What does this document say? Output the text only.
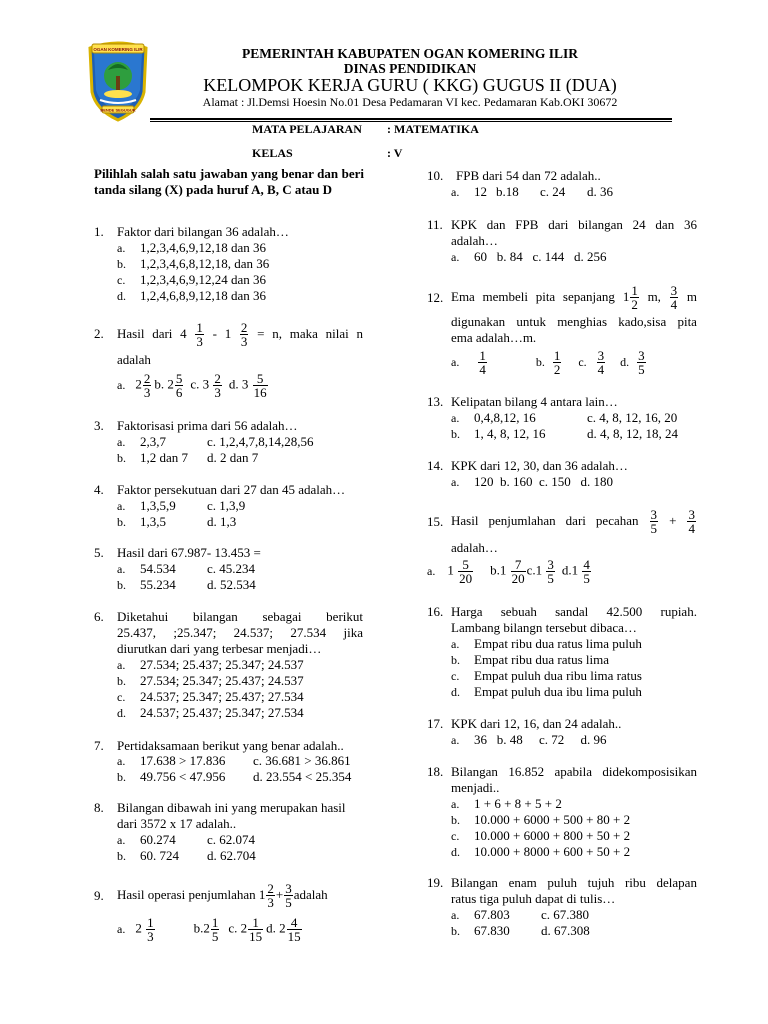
OGAN KOMERING ILIR
BENDE SEGUGUK
PEMERINTAH KABUPATEN OGAN KOMERING ILIR
DINAS PENDIDIKAN
KELOMPOK KERJA GURU ( KKG) GUGUS II (DUA)
Alamat : Jl.Demsi Hoesin No.01 Desa Pedamaran VI kec. Pedamaran Kab.OKI 30672
MATA PELAJARAN : MATEMATIKA
KELAS	: V
Pilihlah salah satu jawaban yang benar dan beri tanda silang (X) pada huruf A, B, C atau D
1. Faktor dari bilangan 36 adalah…
a. 1,2,3,4,6,9,12,18 dan 36
b. 1,2,3,4,6,8,12,18, dan 36
c. 1,2,3,4,6,9,12,24 dan 36
d. 1,2,4,6,8,9,12,18 dan 36
2. Hasil dari $4 \frac{1}{3} - 1 \frac{2}{3} = n$, maka nilai n
adalah
a. $2 \frac{2}{3} b$. $2 \frac{5}{6} c$. $3 \frac{2}{3} d$. $3 \frac{5}{16}$
3. Faktorisasi prima dari 56 adalah…
a. 2,3,7	c. 1,2,4,7,8,14,28,56
b. 1,2 dan 7 d. 2 dan 7
4. Faktor persekutuan dari 27 dan 45 adalah…
a. 1,3,5,9 c. 1,3,9
b. 1,3,5	d. 1,3
5. Hasil dari 67.987- 13.453 =
a. 54.534 c. 45.234
b. 55.234 d. 52.534
6. Diketahui bilangan sebagai berikut
25.437, ;25.347; 24.537; 27.534 jika
diurutkan dari yang terbesar menjadi…
a. 27.534; 25.437; 25.347; 24.537
b. 27.534; 25.347; 25.437; 24.537
c. 24.537; 25.347; 25.437; 27.534
d. 24.537; 25.437; 25.347; 27.534
7. Pertidaksamaan berikut yang benar adalah..
a. 17.638 > 17.836 c. 36.681 > 36.861
b. 49.756 < 47.956 d. 23.554 < 25.354
8. Bilangan dibawah ini yang merupakan hasil
dari 3572 x 17 adalah..
a. 60.274 c. 62.074
b. 60. 724 d. 62.704
9. Hasil operasi penjumlahan $1 \frac{2}{3} + \frac{3}{5}$ adalah
a. $2 \frac{1}{3}$	$b.2 \frac{1}{5} c$. $2 \frac{1}{15} d$. $2 \frac{4}{15}$
10. FPB dari 54 dan 72 adalah..
a. 12 b.18 c. 24 d. 36
11. KPK dan FPB dari bilangan 24 dan 36
adalah…
a. 60   b. 84   c. 144   d. 256
12. Ema membeli pita sepanjang $1 \frac{1}{2} m$, $\frac{3}{4}$ m
digunakan untuk menghias kado,sisa pita
ema adalah…m.
a. $\frac{1}{4}$	b. $\frac{1}{2} c$. $\frac{3}{4} d$. $\frac{3}{5}$
13. Kelipatan bilang 4 antara lain…
a. 0,4,8,12, 16	c. 4, 8, 12, 16, 20
b. 1, 4, 8, 12, 16	d. 4, 8, 12, 18, 24
14. KPK dari 12, 30, dan 36 adalah…
a. 120  b. 160  c. 150   d. 180
15. Hasil penjumlahan dari pecahan $\frac{3}{5} + \frac{3}{4}$
adalah…
a. $1 \frac{5}{20} b.1 \frac{7}{20} c.1 \frac{3}{5} d.1 \frac{4}{5}$
16. Harga sebuah sandal 42.500 rupiah.
Lambang bilangn tersebut dibaca…
a. Empat ribu dua ratus lima puluh
b. Empat ribu dua ratus lima
c. Empat puluh dua ribu lima ratus
d. Empat puluh dua ibu lima puluh
17. KPK dari 12, 16, dan 24 adalah..
a. 36   b. 48     c. 72     d. 96
18. Bilangan 16.852 apabila didekomposisikan
menjadi..
a. 1 + 6 + 8 + 5 + 2
b. 10.000 + 6000 + 500 + 80 + 2
c. 10.000 + 6000 + 800 + 50 + 2
d. 10.000 + 8000 + 600 + 50 + 2
19. Bilangan enam puluh tujuh ribu delapan
ratus tiga puluh dapat di tulis…
a. 67.803 c. 67.380
b. 67.830 d. 67.308
